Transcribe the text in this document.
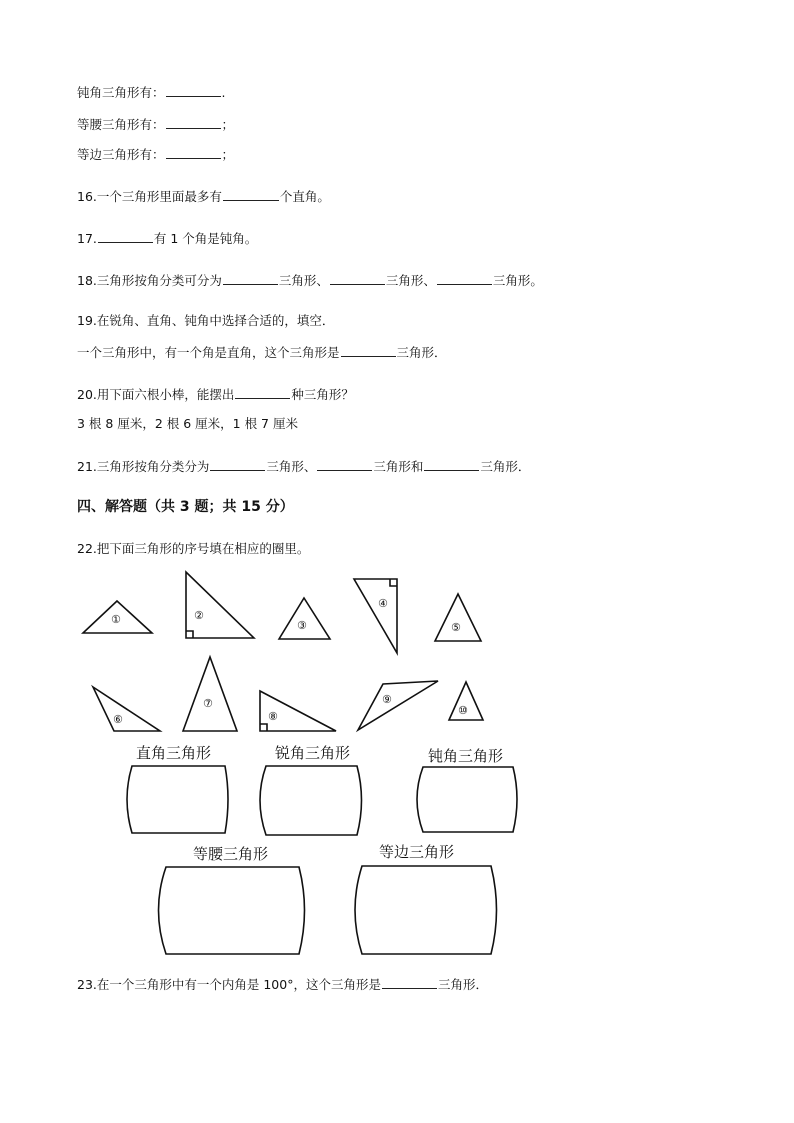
钝角三角形有：	.
等腰三角形有：	；
等边三角形有：	；
16.一个三角形里面最多有	个直角。
17.	有 1 个角是钝角。
18.三角形按角分类可分为	三角形、	三角形、	三角形。
19.在锐角、直角、钝角中选择合适的，填空．
一个三角形中，有一个角是直角，这个三角形是	三角形．
20.用下面六根小棒，能摆出	种三角形？
3 根 8 厘米，2 根 6 厘米，1 根 7 厘米
21.三角形按角分类分为	三角形、	三角形和	三角形．
四、解答题（共 3 题；共 15 分）
22.把下面三角形的序号填在相应的圈里。
①	②
③
④
⑤
⑥
⑦
⑧
⑨
⑩
直角三角形	锐角三角形	钝角三角形
等腰三角形	等边三角形
23.在一个三角形中有一个内角是 100°，这个三角形是	三角形．
